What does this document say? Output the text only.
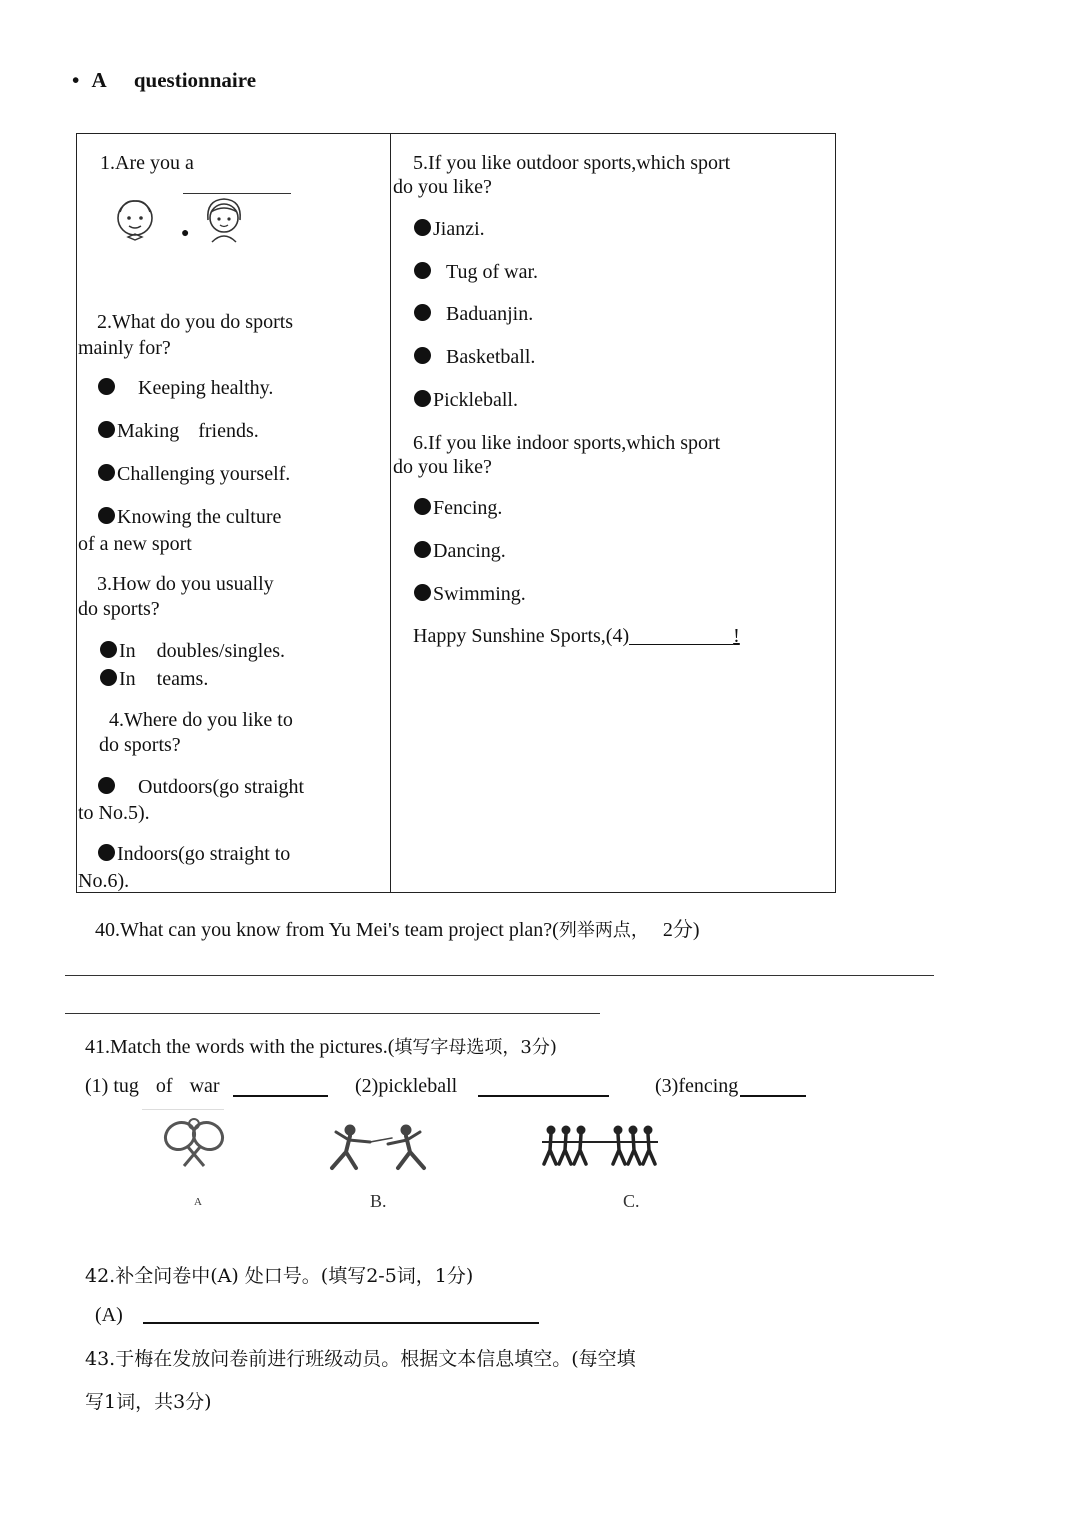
• A questionnaire
1.Are you a
●
2.What do you do sports
mainly for?
Keeping healthy.
Making friends.
Challenging yourself.
Knowing the culture
of a new sport
3.How do you usually
do sports?
In doubles/singles.
In teams.
4.Where do you like to
do sports?
Outdoors(go straight
to No.5).
Indoors(go straight to
No.6).
5.If you like outdoor sports,which sport
do you like?
Jianzi.
Tug of war.
Baduanjin.
Basketball.
Pickleball.
6.If you like indoor sports,which sport
do you like?
Fencing.
Dancing.
Swimming.
Happy Sunshine Sports,(4)	!
40.What can you know from Yu Mei's team project plan?(列举两点， 2分)
41.Match the words with the pictures.(填写字母选项，3分)
(1) tug of war	(2)pickleball	(3)fencing
A	B.	C.
42.补全问卷中(A) 处口号。(填写2-5词，1分)
(A)
43.于梅在发放问卷前进行班级动员。根据文本信息填空。(每空填
写1词，共3分)
